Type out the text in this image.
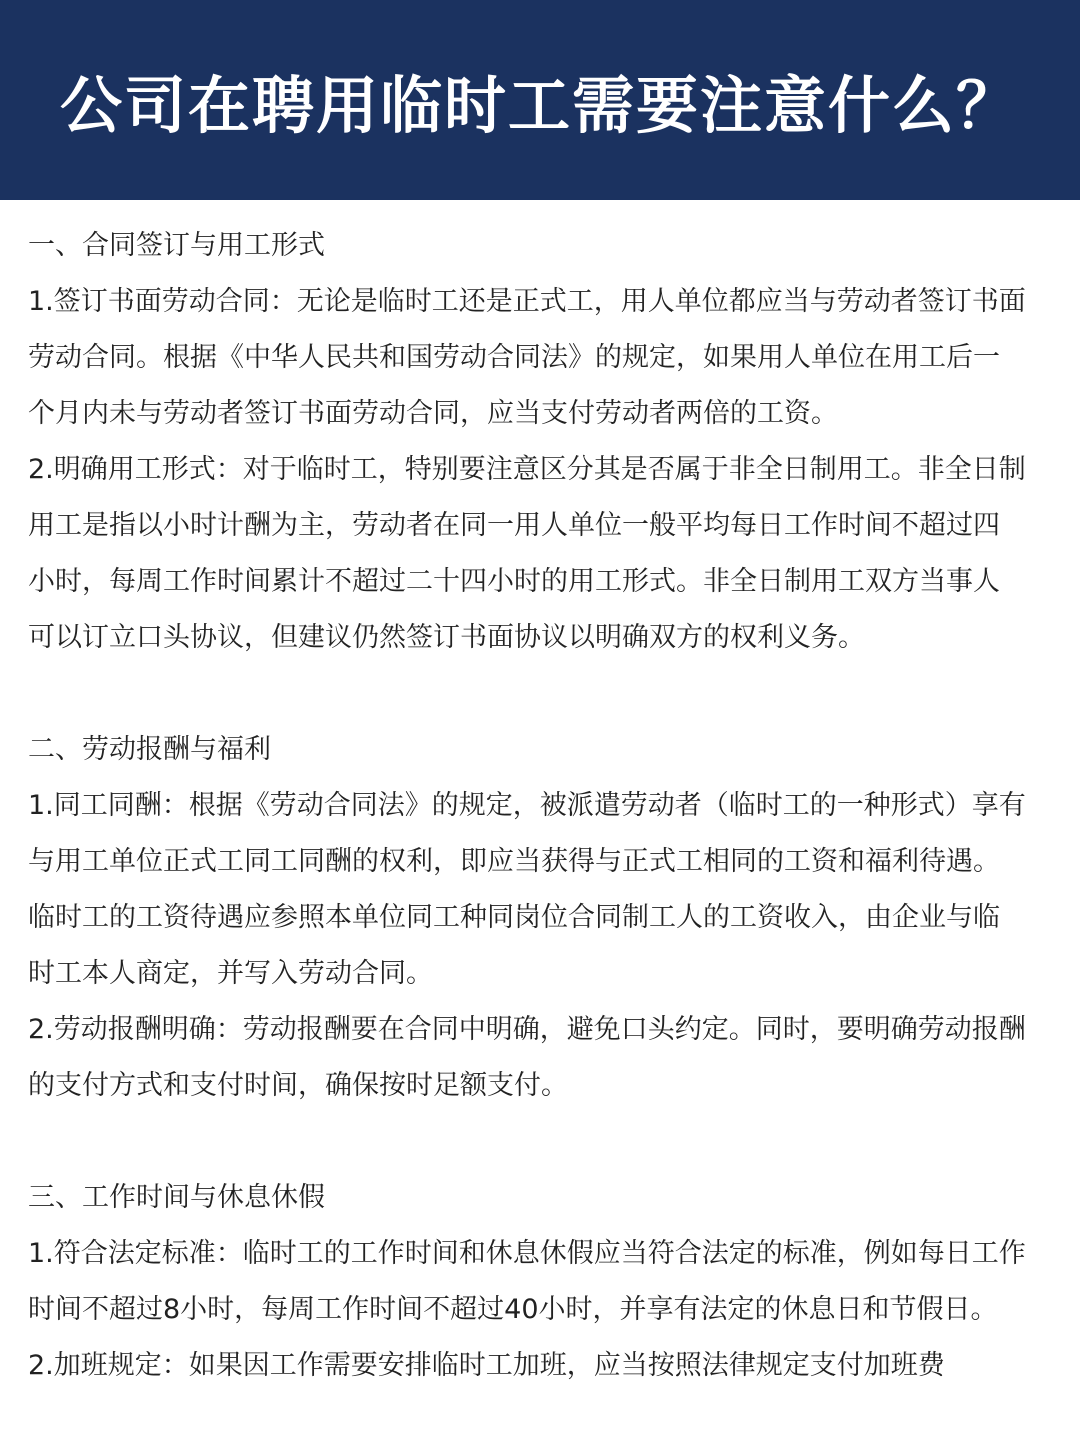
公司在聘用临时工需要注意什么？
一、合同签订与用工形式
1.签订书面劳动合同：无论是临时工还是正式工，用人单位都应当与劳动者签订书面
劳动合同。根据《中华人民共和国劳动合同法》的规定，如果用人单位在用工后一
个月内未与劳动者签订书面劳动合同，应当支付劳动者两倍的工资。
2.明确用工形式：对于临时工，特别要注意区分其是否属于非全日制用工。非全日制
用工是指以小时计酬为主，劳动者在同一用人单位一般平均每日工作时间不超过四
小时，每周工作时间累计不超过二十四小时的用工形式。非全日制用工双方当事人
可以订立口头协议，但建议仍然签订书面协议以明确双方的权利义务。
二、劳动报酬与福利
1.同工同酬：根据《劳动合同法》的规定，被派遣劳动者（临时工的一种形式）享有
与用工单位正式工同工同酬的权利，即应当获得与正式工相同的工资和福利待遇。
临时工的工资待遇应参照本单位同工种同岗位合同制工人的工资收入，由企业与临
时工本人商定，并写入劳动合同。
2.劳动报酬明确：劳动报酬要在合同中明确，避免口头约定。同时，要明确劳动报酬
的支付方式和支付时间，确保按时足额支付。
三、工作时间与休息休假
1.符合法定标准：临时工的工作时间和休息休假应当符合法定的标准，例如每日工作
时间不超过8小时，每周工作时间不超过40小时，并享有法定的休息日和节假日。
2.加班规定：如果因工作需要安排临时工加班，应当按照法律规定支付加班费
